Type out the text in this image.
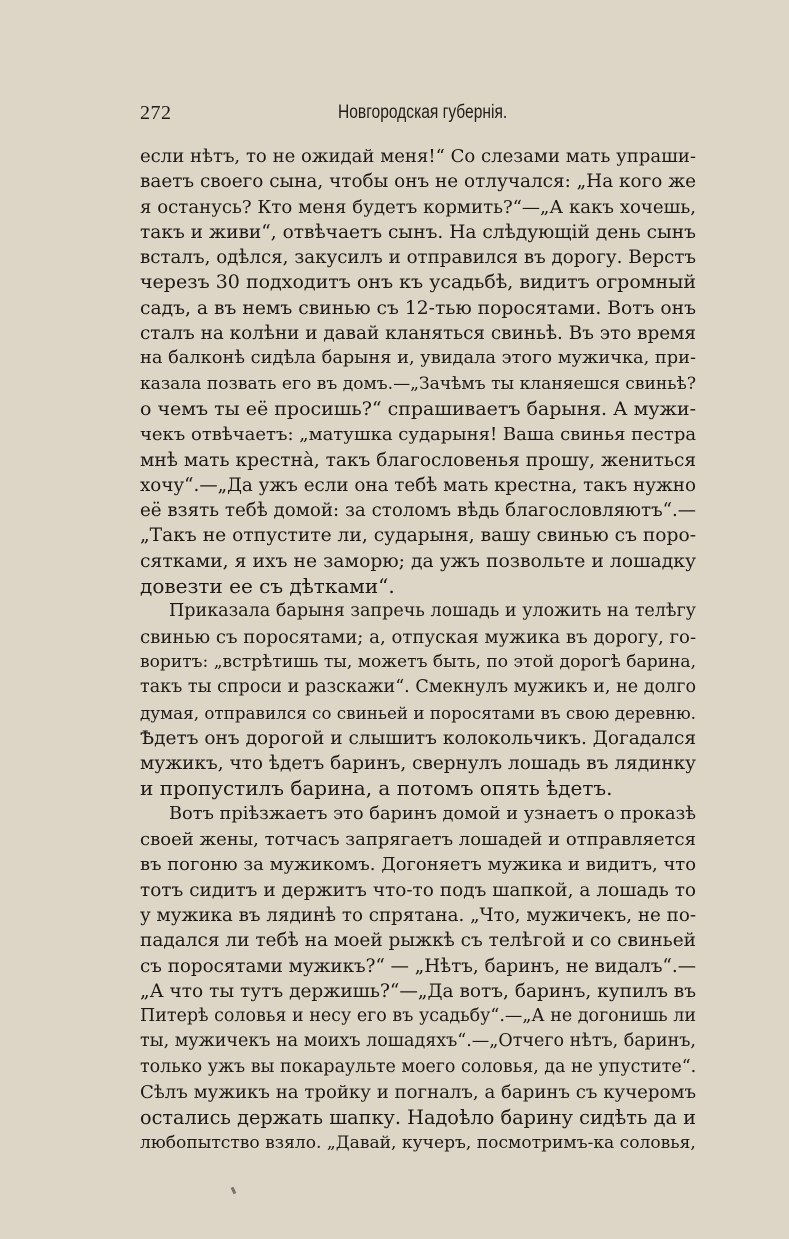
272	Новгородская губернія.
если нѣтъ, то не ожидай меня!“ Со слезами мать упраши-
ваетъ своего сына, чтобы онъ не отлучался: „На кого же
я останусь? Кто меня будетъ кормить?“—„А какъ хочешь,
такъ и живи“, отвѣчаетъ сынъ. На слѣдующій день сынъ
всталъ, одѣлся, закусилъ и отправился въ дорогу. Верстъ
черезъ 30 подходитъ онъ къ усадьбѣ, видитъ огромный
садъ, а въ немъ свинью съ 12-тью поросятами. Вотъ онъ
сталъ на колѣни и давай кланяться свиньѣ. Въ это время
на балконѣ сидѣла барыня и, увидала этого мужичка, при-
казала позвать его въ домъ.—„Зачѣмъ ты кланяешся свиньѣ?
о чемъ ты её просишь?“ спрашиваетъ барыня. А мужи-
чекъ отвѣчаетъ: „матушка сударыня! Ваша свинья пестра
мнѣ мать крестна̀, такъ благословенья прошу, жениться
хочу“.—„Да ужъ если она тебѣ мать крестна, такъ нужно
её взять тебѣ домой: за столомъ вѣдь благословляютъ“.—
„Такъ не отпустите ли, сударыня, вашу свинью съ поро-
сятками, я ихъ не заморю; да ужъ позвольте и лошадку
довезти ее съ дѣтками“.
Приказала барыня запречь лошадь и уложить на телѣгу
свинью съ поросятами; а, отпуская мужика въ дорогу, го-
воритъ: „встрѣтишь ты, можетъ быть, по этой дорогѣ барина,
такъ ты спроси и разскажи“. Смекнулъ мужикъ и, не долго
думая, отправился со свиньей и поросятами въ свою деревню.
Ѣдетъ онъ дорогой и слышитъ колокольчикъ. Догадался
мужикъ, что ѣдетъ баринъ, свернулъ лошадь въ лядинку
и пропустилъ барина, а потомъ опять ѣдетъ.
Вотъ пріѣзжаетъ это баринъ домой и узнаетъ о проказѣ
своей жены, тотчасъ запрягаетъ лошадей и отправляется
въ погоню за мужикомъ. Догоняетъ мужика и видитъ, что
тотъ сидитъ и держитъ что-то подъ шапкой, а лошадь то
у мужика въ лядинѣ то спрятана. „Что, мужичекъ, не по-
падался ли тебѣ на моей рыжкѣ съ телѣгой и со свиньей
съ поросятами мужикъ?“ — „Нѣтъ, баринъ, не видалъ“.—
„А что ты тутъ держишь?“—„Да вотъ, баринъ, купилъ въ
Питерѣ соловья и несу его въ усадьбу“.—„А не догонишь ли
ты, мужичекъ на моихъ лошадяхъ“.—„Отчего нѣтъ, баринъ,
только ужъ вы покараульте моего соловья, да не упустите“.
Сѣлъ мужикъ на тройку и погналъ, а баринъ съ кучеромъ
остались держать шапку. Надоѣло барину сидѣть да и
любопытство взяло. „Давай, кучеръ, посмотримъ-ка соловья,
